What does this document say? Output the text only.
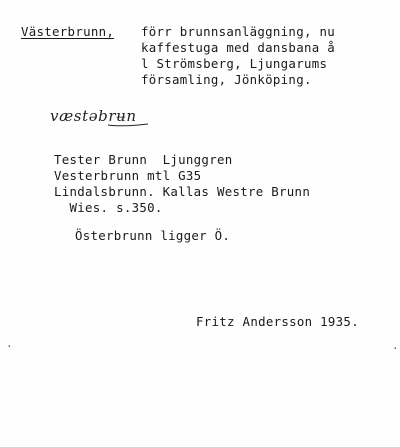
Västerbrunn, förr brunnsanläggning, nu
kaffestuga med dansbana å
l Strömsberg, Ljungarums
församling, Jönköping.
væstəbrʉn
Tester Brunn  Ljunggren
Vesterbrunn mtl G35
Lindalsbrunn. Kallas Westre Brunn
Wies. s.350.
Österbrunn ligger Ö.
Fritz Andersson 1935.
·	·
